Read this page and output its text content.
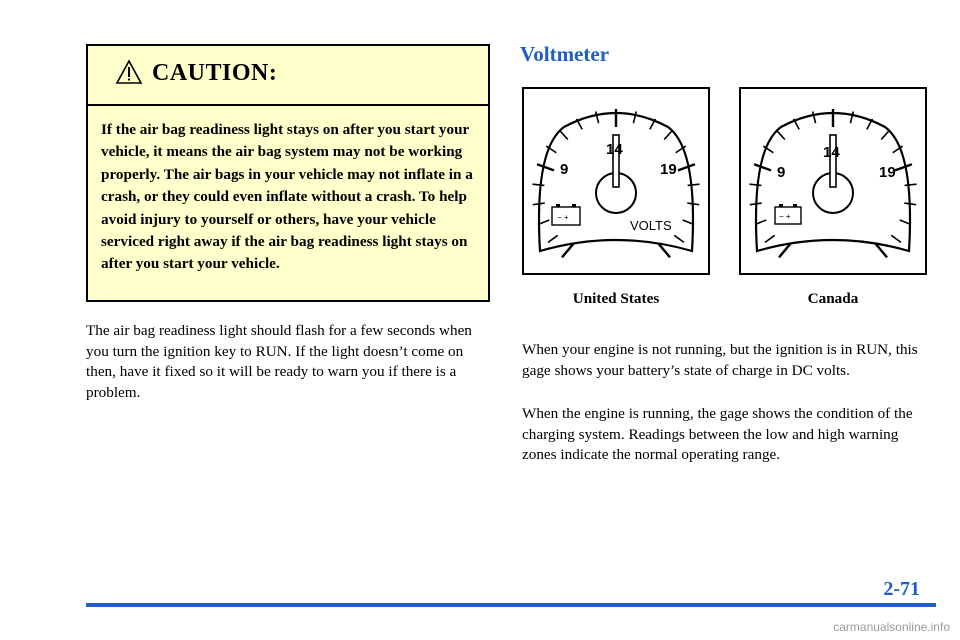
CAUTION:
If the air bag readiness light stays on after you start your vehicle, it means the air bag system may not be working properly. The air bags in your vehicle may not inflate in a crash, or they could even inflate without a crash. To help avoid injury to yourself or others, have your vehicle serviced right away if the air bag readiness light stays on after you start your vehicle.
The air bag readiness light should flash for a few seconds when you turn the ignition key to RUN. If the light doesn’t come on then, have it fixed so it will be ready to warn you if there is a problem.
Voltmeter
9
14
19
− +
VOLTS
9
14
19
− +
United States	Canada
When your engine is not running, but the ignition is in RUN, this gage shows your battery’s state of charge in DC volts.
When the engine is running, the gage shows the condition of the charging system. Readings between the low and high warning zones indicate the normal operating range.
2-71
carmanualsonline.info
